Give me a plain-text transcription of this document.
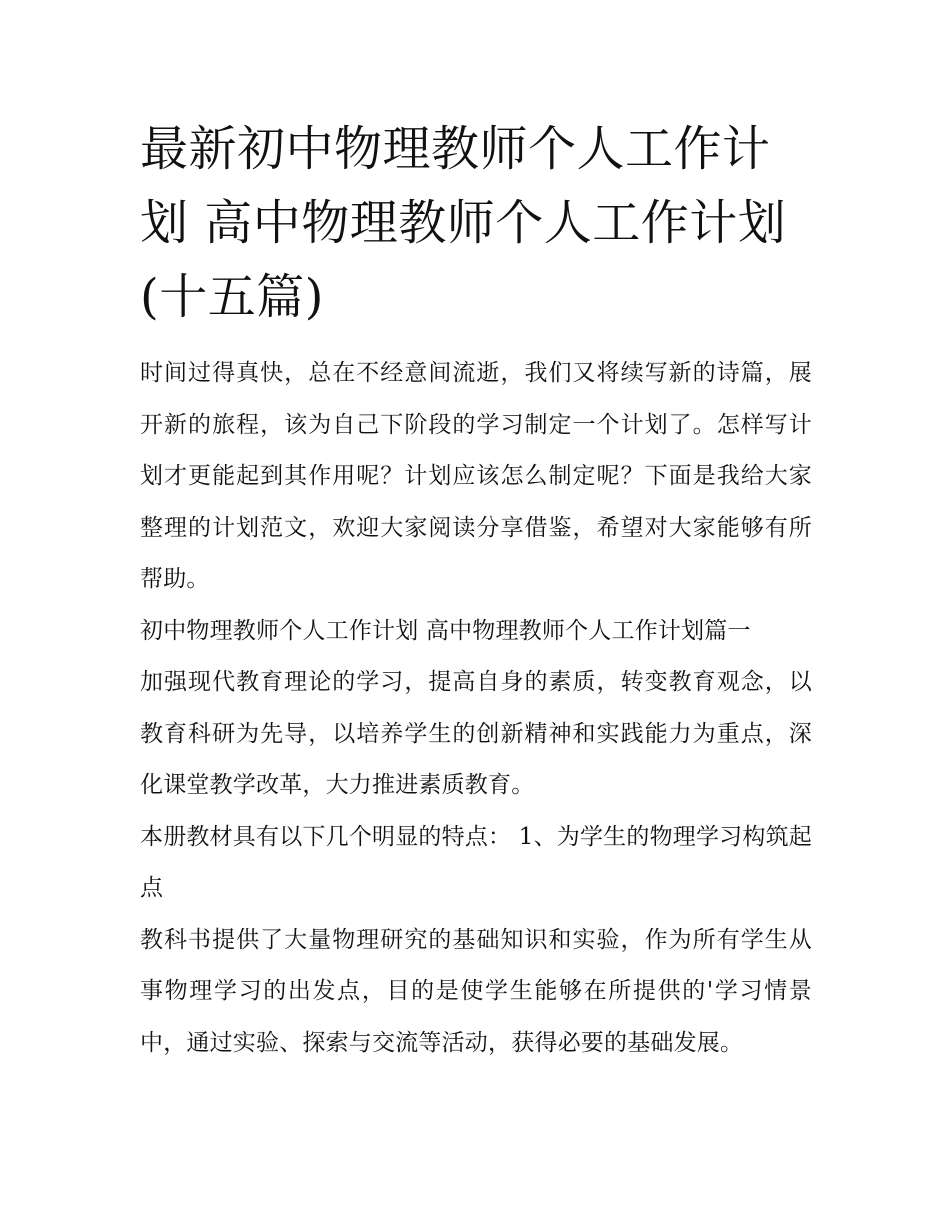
最新初中物理教师个人工作计划 高中物理教师个人工作计划(十五篇)

时间过得真快，总在不经意间流逝，我们又将续写新的诗篇，展开新的旅程，该为自己下阶段的学习制定一个计划了。怎样写计划才更能起到其作用呢？计划应该怎么制定呢？下面是我给大家整理的计划范文，欢迎大家阅读分享借鉴，希望对大家能够有所帮助。

初中物理教师个人工作计划 高中物理教师个人工作计划篇一

加强现代教育理论的学习，提高自身的素质，转变教育观念，以教育科研为先导，以培养学生的创新精神和实践能力为重点，深化课堂教学改革，大力推进素质教育。

本册教材具有以下几个明显的特点： 1、为学生的物理学习构筑起点

教科书提供了大量物理研究的基础知识和实验，作为所有学生从事物理学习的出发点，目的是使学生能够在所提供的'学习情景中，通过实验、探索与交流等活动，获得必要的基础发展。
